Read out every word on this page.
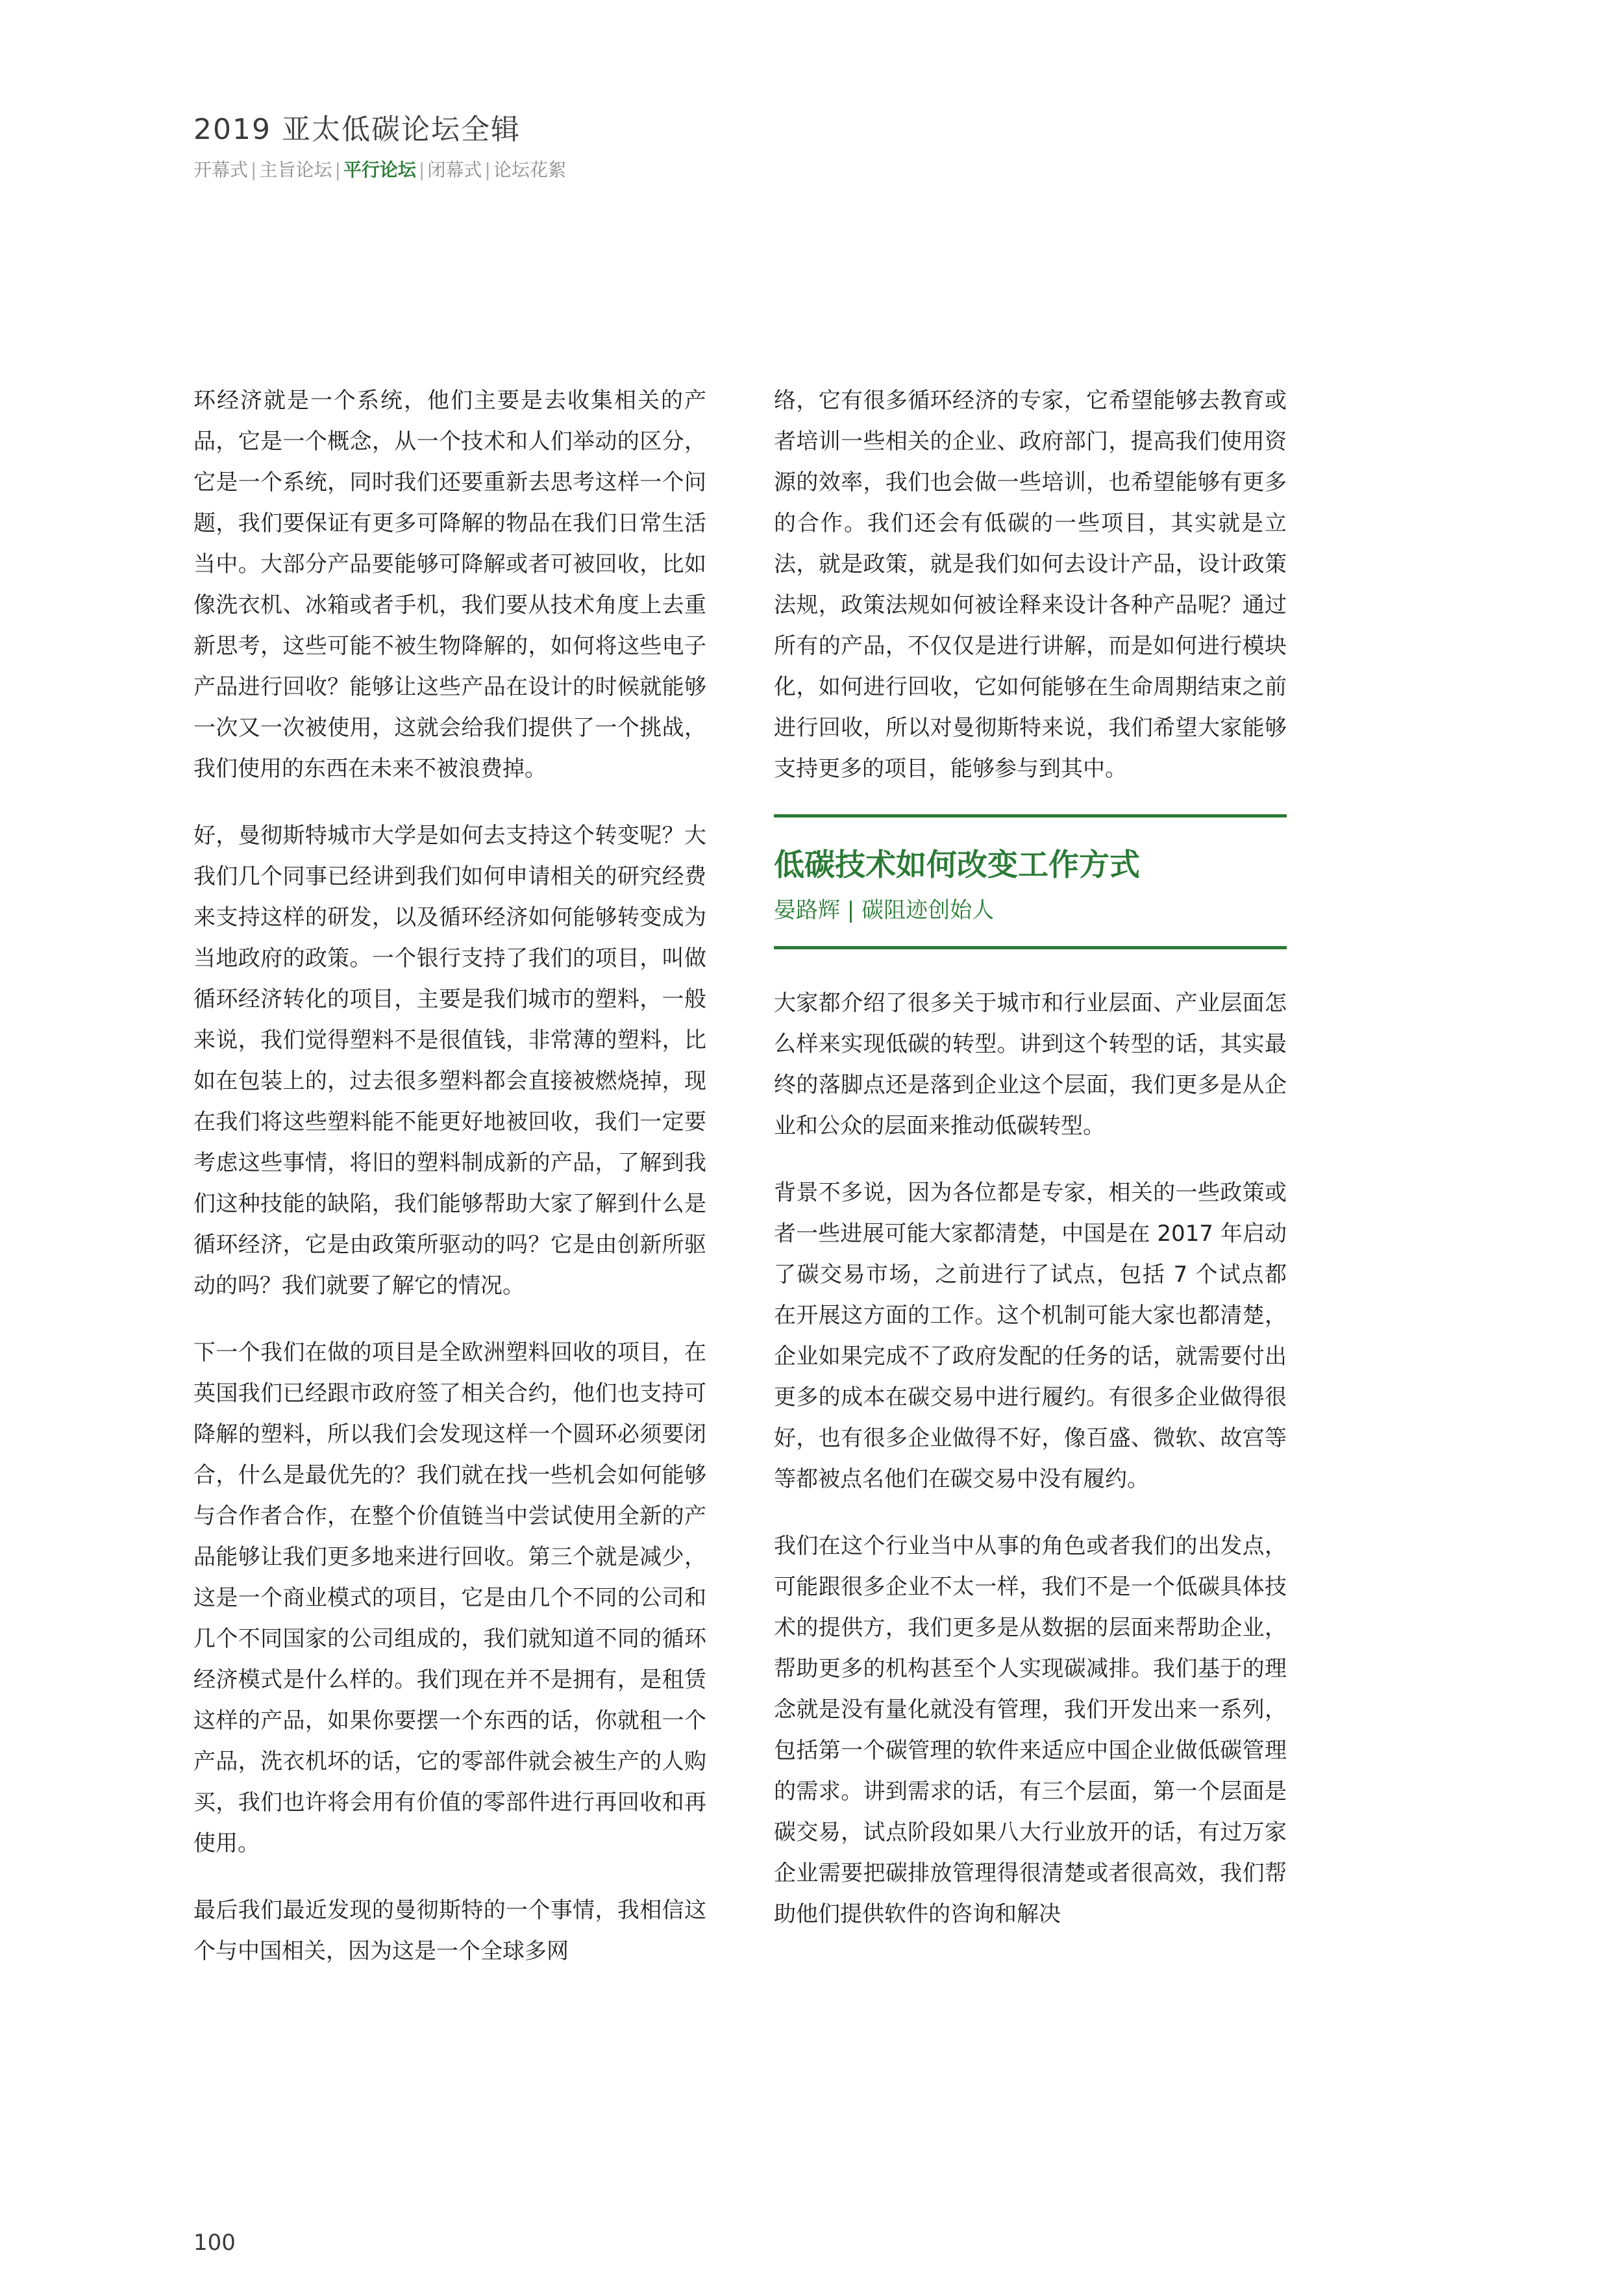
2019 亚太低碳论坛全辑
开幕式 | 主旨论坛 | 平行论坛 | 闭幕式 | 论坛花絮

环经济就是一个系统，他们主要是去收集相关的产品，它是一个概念，从一个技术和人们举动的区分，它是一个系统，同时我们还要重新去思考这样一个问题，我们要保证有更多可降解的物品在我们日常生活当中。大部分产品要能够可降解或者可被回收，比如像洗衣机、冰箱或者手机，我们要从技术角度上去重新思考，这些可能不被生物降解的，如何将这些电子产品进行回收？能够让这些产品在设计的时候就能够一次又一次被使用，这就会给我们提供了一个挑战，我们使用的东西在未来不被浪费掉。

好，曼彻斯特城市大学是如何去支持这个转变呢？大我们几个同事已经讲到我们如何申请相关的研究经费来支持这样的研发，以及循环经济如何能够转变成为当地政府的政策。一个银行支持了我们的项目，叫做循环经济转化的项目，主要是我们城市的塑料，一般来说，我们觉得塑料不是很值钱，非常薄的塑料，比如在包装上的，过去很多塑料都会直接被燃烧掉，现在我们将这些塑料能不能更好地被回收，我们一定要考虑这些事情，将旧的塑料制成新的产品，了解到我们这种技能的缺陷，我们能够帮助大家了解到什么是循环经济，它是由政策所驱动的吗？它是由创新所驱动的吗？我们就要了解它的情况。

下一个我们在做的项目是全欧洲塑料回收的项目，在英国我们已经跟市政府签了相关合约，他们也支持可降解的塑料，所以我们会发现这样一个圆环必须要闭合，什么是最优先的？我们就在找一些机会如何能够与合作者合作，在整个价值链当中尝试使用全新的产品能够让我们更多地来进行回收。第三个就是减少，这是一个商业模式的项目，它是由几个不同的公司和几个不同国家的公司组成的，我们就知道不同的循环经济模式是什么样的。我们现在并不是拥有，是租赁这样的产品，如果你要摆一个东西的话，你就租一个产品，洗衣机坏的话，它的零部件就会被生产的人购买，我们也许将会用有价值的零部件进行再回收和再使用。

最后我们最近发现的曼彻斯特的一个事情，我相信这个与中国相关，因为这是一个全球多网

络，它有很多循环经济的专家，它希望能够去教育或者培训一些相关的企业、政府部门，提高我们使用资源的效率，我们也会做一些培训，也希望能够有更多的合作。我们还会有低碳的一些项目，其实就是立法，就是政策，就是我们如何去设计产品，设计政策法规，政策法规如何被诠释来设计各种产品呢？通过所有的产品，不仅仅是进行讲解，而是如何进行模块化，如何进行回收，它如何能够在生命周期结束之前进行回收，所以对曼彻斯特来说，我们希望大家能够支持更多的项目，能够参与到其中。

低碳技术如何改变工作方式

晏路辉 | 碳阻迹创始人

大家都介绍了很多关于城市和行业层面、产业层面怎么样来实现低碳的转型。讲到这个转型的话，其实最终的落脚点还是落到企业这个层面，我们更多是从企业和公众的层面来推动低碳转型。

背景不多说，因为各位都是专家，相关的一些政策或者一些进展可能大家都清楚，中国是在 2017 年启动了碳交易市场，之前进行了试点，包括 7 个试点都在开展这方面的工作。这个机制可能大家也都清楚，企业如果完成不了政府发配的任务的话，就需要付出更多的成本在碳交易中进行履约。有很多企业做得很好，也有很多企业做得不好，像百盛、微软、故宫等等都被点名他们在碳交易中没有履约。

我们在这个行业当中从事的角色或者我们的出发点，可能跟很多企业不太一样，我们不是一个低碳具体技术的提供方，我们更多是从数据的层面来帮助企业，帮助更多的机构甚至个人实现碳减排。我们基于的理念就是没有量化就没有管理，我们开发出来一系列，包括第一个碳管理的软件来适应中国企业做低碳管理的需求。讲到需求的话，有三个层面，第一个层面是碳交易，试点阶段如果八大行业放开的话，有过万家企业需要把碳排放管理得很清楚或者很高效，我们帮助他们提供软件的咨询和解决

100
